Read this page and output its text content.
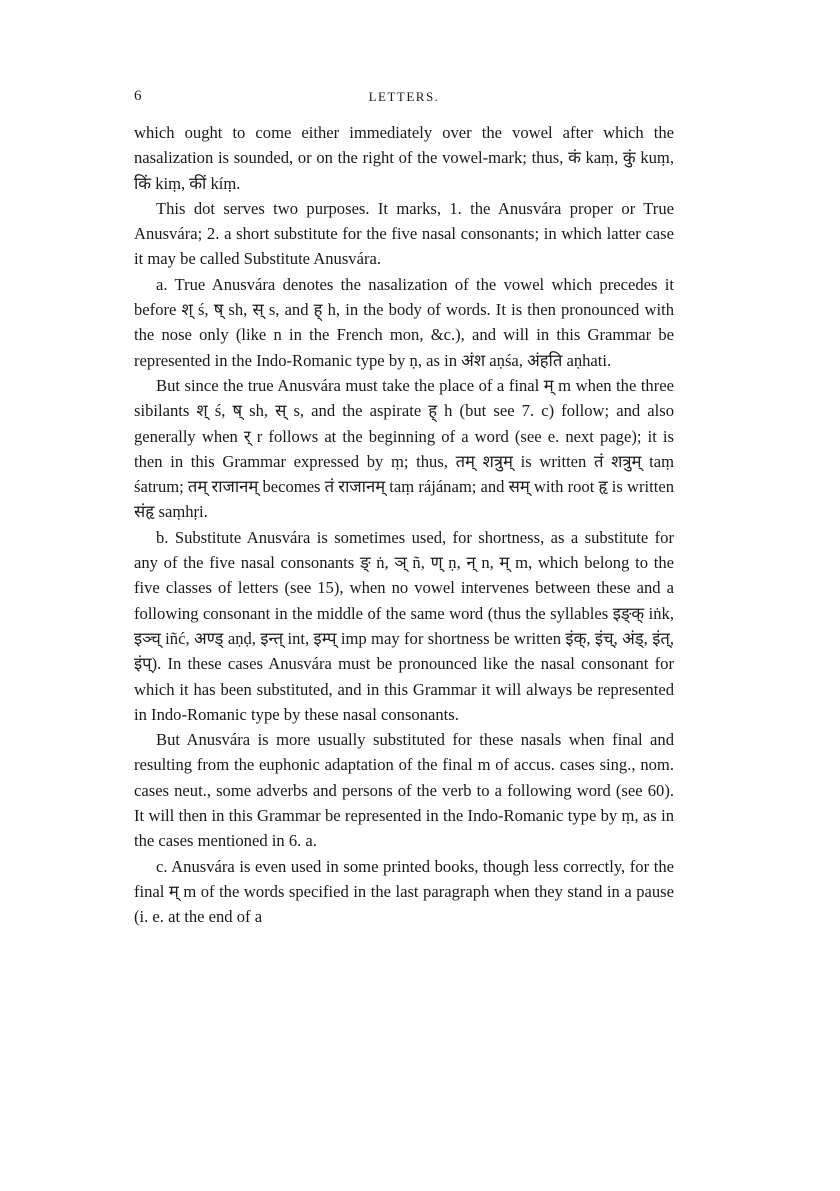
6	LETTERS.

which ought to come either immediately over the vowel after which the nasalization is sounded, or on the right of the vowel-mark; thus, कं kaṃ, कुं kuṃ, किं kiṃ, कीं kíṃ.

This dot serves two purposes. It marks, 1. the Anusvára proper or True Anusvára; 2. a short substitute for the five nasal consonants; in which latter case it may be called Substitute Anusvára.

a. True Anusvára denotes the nasalization of the vowel which precedes it before श् ś, ष् sh, स् s, and ह् h, in the body of words. It is then pronounced with the nose only (like n in the French mon, &c.), and will in this Grammar be represented in the Indo-Romanic type by ṇ, as in अंश aṇśa, अंहति aṇhati.

But since the true Anusvára must take the place of a final म् m when the three sibilants श् ś, ष् sh, स् s, and the aspirate ह् h (but see 7. c) follow; and also generally when र् r follows at the beginning of a word (see e. next page); it is then in this Grammar expressed by ṃ; thus, तम् शत्रुम् is written तं शत्रुम् taṃ śatrum; तम् राजानम् becomes तं राजानम् taṃ rájánam; and सम् with root हृ is written संहृ saṃhṛi.

b. Substitute Anusvára is sometimes used, for shortness, as a substitute for any of the five nasal consonants ङ् ṅ, ञ् ñ, ण् ṇ, न् n, म् m, which belong to the five classes of letters (see 15), when no vowel intervenes between these and a following consonant in the middle of the same word (thus the syllables इङ्क् iṅk, इञ्च् iñć, अण्ड् aṇḍ, इन्त् int, इम्प् imp may for shortness be written इंक्, इंच्, अंड्, इंत्, इंप्). In these cases Anusvára must be pronounced like the nasal consonant for which it has been substituted, and in this Grammar it will always be represented in Indo-Romanic type by these nasal consonants.

But Anusvára is more usually substituted for these nasals when final and resulting from the euphonic adaptation of the final m of accus. cases sing., nom. cases neut., some adverbs and persons of the verb to a following word (see 60). It will then in this Grammar be represented in the Indo-Romanic type by ṃ, as in the cases mentioned in 6. a.

c. Anusvára is even used in some printed books, though less correctly, for the final म् m of the words specified in the last paragraph when they stand in a pause (i. e. at the end of a
